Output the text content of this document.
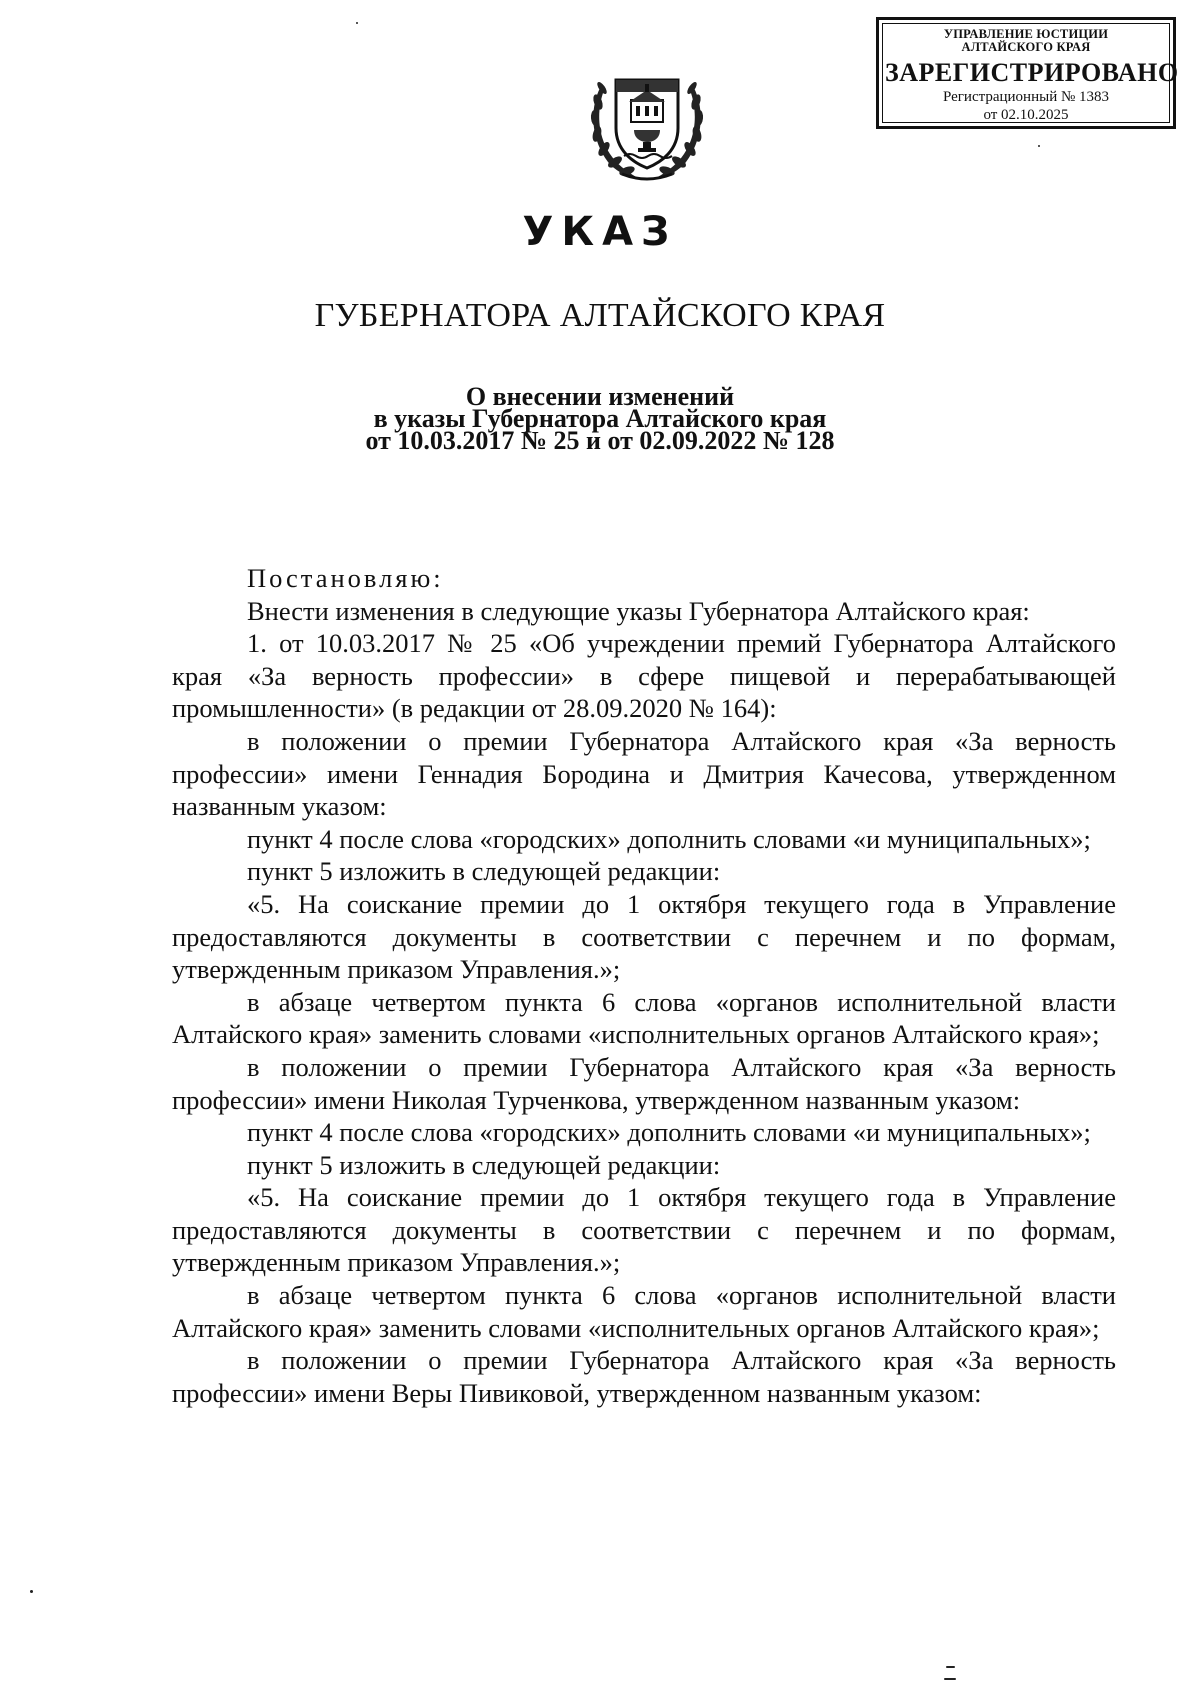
УПРАВЛЕНИЕ ЮСТИЦИИ
АЛТАЙСКОГО КРАЯ
ЗАРЕГИСТРИРОВАНО
Регистрационный № 1383
от 02.10.2025
УКАЗ
ГУБЕРНАТОРА АЛТАЙСКОГО КРАЯ
О внесении изменений
в указы Губернатора Алтайского края
от 10.03.2017 № 25 и от 02.09.2022 № 128

Постановляю:

Внести изменения в следующие указы Губернатора Алтайского края:

1. от 10.03.2017 № 25 «Об учреждении премий Губернатора Алтайского края «За верность профессии» в сфере пищевой и перерабатывающей промышленности» (в редакции от 28.09.2020 № 164):

в положении о премии Губернатора Алтайского края «За верность профессии» имени Геннадия Бородина и Дмитрия Качесова, утвержденном названным указом:

пункт 4 после слова «городских» дополнить словами «и муниципальных»;

пункт 5 изложить в следующей редакции:

«5. На соискание премии до 1 октября текущего года в Управление предоставляются документы в соответствии с перечнем и по формам, утвержденным приказом Управления.»;

в абзаце четвертом пункта 6 слова «органов исполнительной власти Алтайского края» заменить словами «исполнительных органов Алтайского края»;

в положении о премии Губернатора Алтайского края «За верность профессии» имени Николая Турченкова, утвержденном названным указом:

пункт 4 после слова «городских» дополнить словами «и муниципальных»;

пункт 5 изложить в следующей редакции:

«5. На соискание премии до 1 октября текущего года в Управление предоставляются документы в соответствии с перечнем и по формам, утвержденным приказом Управления.»;

в абзаце четвертом пункта 6 слова «органов исполнительной власти Алтайского края» заменить словами «исполнительных органов Алтайского края»;

в положении о премии Губернатора Алтайского края «За верность профессии» имени Веры Пивиковой, утвержденном названным указом:
